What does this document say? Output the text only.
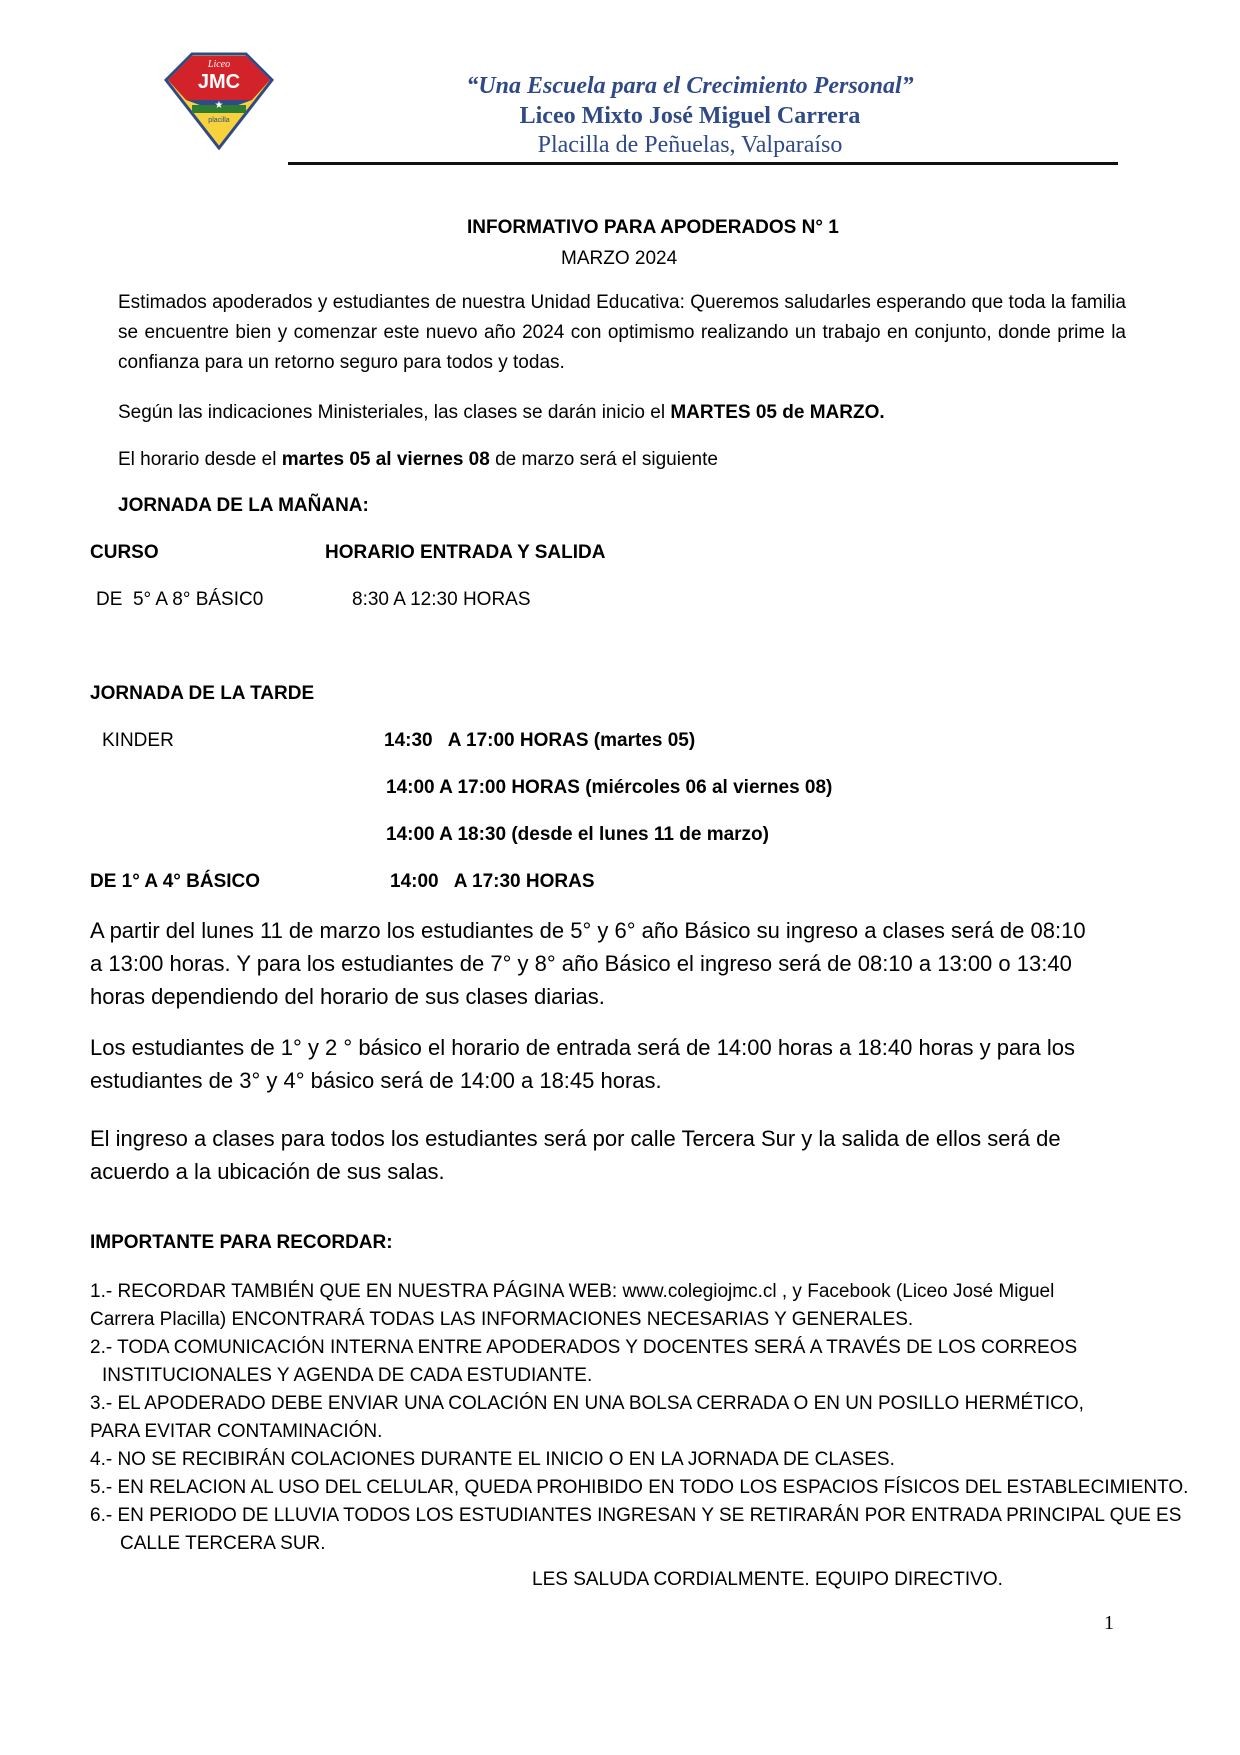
Liceo
JMC
placilla
★
“Una Escuela para el Crecimiento Personal”
Liceo Mixto José Miguel Carrera
Placilla de Peñuelas, Valparaíso
INFORMATIVO PARA APODERADOS N° 1
MARZO 2024
Estimados apoderados y estudiantes de nuestra Unidad Educativa: Queremos saludarles esperando que toda la familia se encuentre bien y comenzar este nuevo año 2024 con optimismo realizando un trabajo en conjunto, donde prime la confianza para un retorno seguro para todos y todas.
Según las indicaciones Ministeriales, las clases se darán inicio el MARTES 05 de MARZO.
El horario desde el martes 05 al viernes 08 de marzo será el siguiente
JORNADA DE LA MAÑANA:
CURSO	HORARIO ENTRADA Y SALIDA
DE  5° A 8° BÁSIC0	8:30 A 12:30 HORAS
JORNADA DE LA TARDE
KINDER	14:30   A 17:00 HORAS (martes 05)
14:00 A 17:00 HORAS (miércoles 06 al viernes 08)
14:00 A 18:30 (desde el lunes 11 de marzo)
DE 1° A 4° BÁSICO	14:00   A 17:30 HORAS
A partir del lunes 11 de marzo los estudiantes de 5° y 6° año Básico su ingreso a clases será de 08:10
a 13:00 horas. Y para los estudiantes de 7° y 8° año Básico el ingreso será de 08:10 a 13:00 o 13:40
horas dependiendo del horario de sus clases diarias.
Los estudiantes de 1° y 2 ° básico el horario de entrada será de 14:00 horas a 18:40 horas y para los
estudiantes de 3° y 4° básico será de 14:00 a 18:45 horas.
El ingreso a clases para todos los estudiantes será por calle Tercera Sur y la salida de ellos será de
acuerdo a la ubicación de sus salas.
IMPORTANTE PARA RECORDAR:
1.- RECORDAR TAMBIÉN QUE EN NUESTRA PÁGINA WEB: www.colegiojmc.cl , y Facebook (Liceo José Miguel
Carrera Placilla) ENCONTRARÁ TODAS LAS INFORMACIONES NECESARIAS Y GENERALES.
2.- TODA COMUNICACIÓN INTERNA ENTRE APODERADOS Y DOCENTES SERÁ A TRAVÉS DE LOS CORREOS
INSTITUCIONALES Y AGENDA DE CADA ESTUDIANTE.
3.- EL APODERADO DEBE ENVIAR UNA COLACIÓN EN UNA BOLSA CERRADA O EN UN POSILLO HERMÉTICO,
PARA EVITAR CONTAMINACIÓN.
4.- NO SE RECIBIRÁN COLACIONES DURANTE EL INICIO O EN LA JORNADA DE CLASES.
5.- EN RELACION AL USO DEL CELULAR, QUEDA PROHIBIDO EN TODO LOS ESPACIOS FÍSICOS DEL ESTABLECIMIENTO.
6.- EN PERIODO DE LLUVIA TODOS LOS ESTUDIANTES INGRESAN Y SE RETIRARÁN POR ENTRADA PRINCIPAL QUE ES
CALLE TERCERA SUR.
LES SALUDA CORDIALMENTE. EQUIPO DIRECTIVO.
1
